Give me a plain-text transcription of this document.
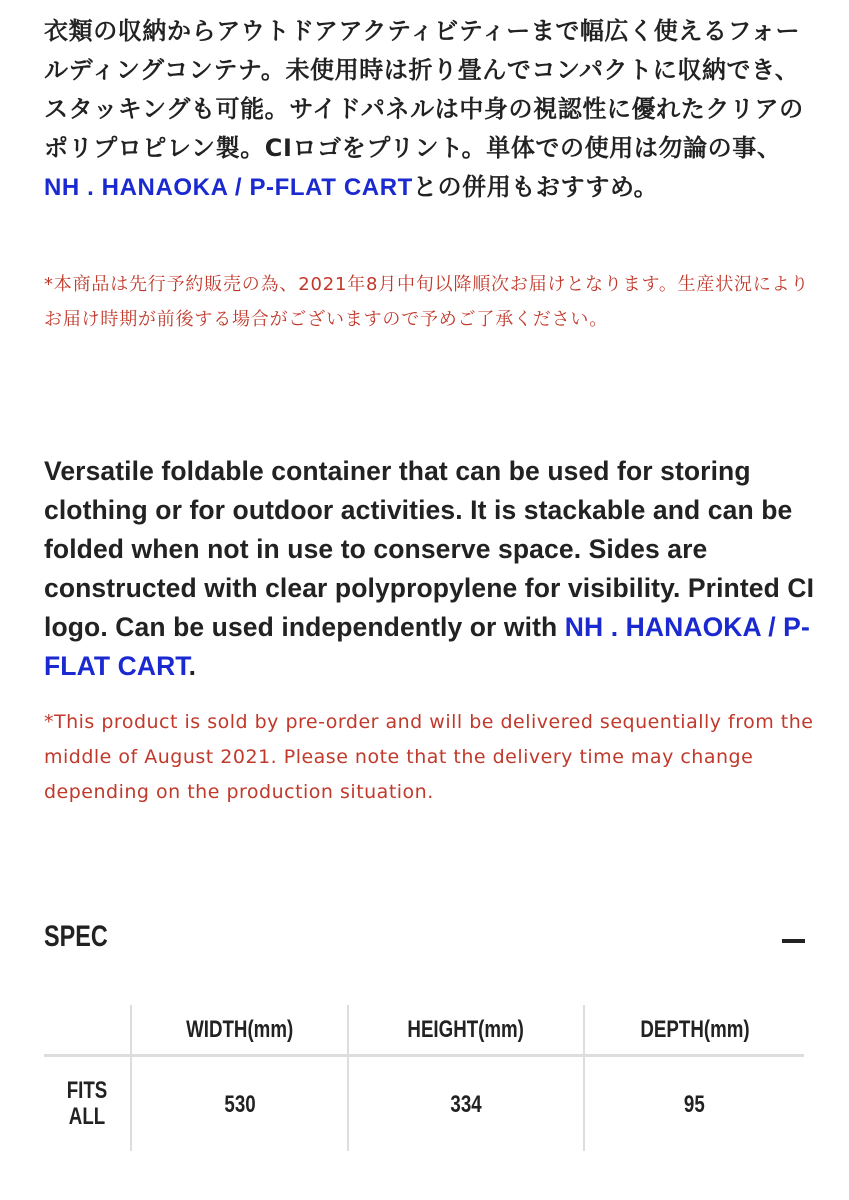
衣類の収納からアウトドアアクティビティーまで幅広く使えるフォールディングコンテナ。未使用時は折り畳んでコンパクトに収納でき、スタッキングも可能。サイドパネルは中身の視認性に優れたクリアのポリプロピレン製。CIロゴをプリント。単体での使用は勿論の事、NH . HANAOKA / P-FLAT CARTとの併用もおすすめ。

*本商品は先行予約販売の為、2021年8月中旬以降順次お届けとなります。生産状況によりお届け時期が前後する場合がございますので予めご了承ください。

Versatile foldable container that can be used for storing clothing or for outdoor activities. It is stackable and can be folded when not in use to conserve space. Sides are constructed with clear polypropylene for visibility. Printed CI logo. Can be used independently or with NH . HANAOKA / P-FLAT CART.

*This product is sold by pre-order and will be delivered sequentially from the middle of August 2021. Please note that the delivery time may change depending on the production situation.

SPEC
	WIDTH(mm)	HEIGHT(mm)	DEPTH(mm)
FITS
ALL	530	334	95
